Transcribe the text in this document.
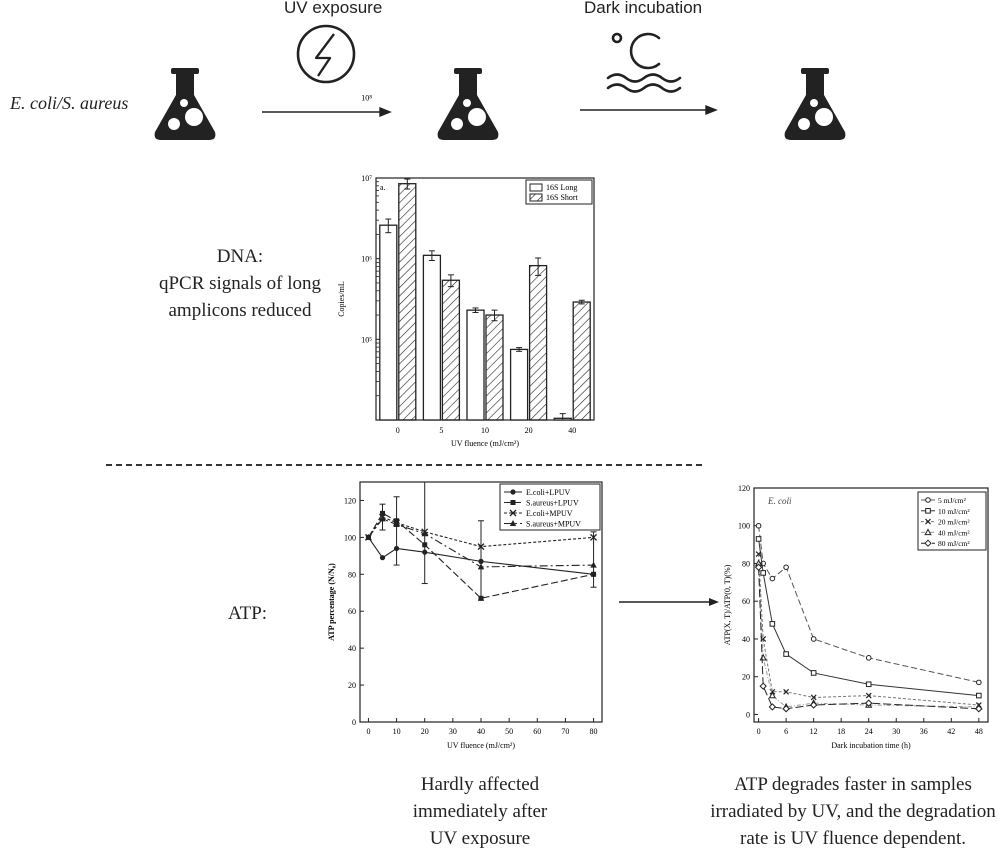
E. coli/S. aureus
UV exposure	Dark incubation
DNA:
qPCR signals of long
amplicons reduced
10⁵
10⁶
10⁷
10⁸
0	5	10	20	40
a.
UV fluence (mJ/cm²)
Copies/mL
16S Long
16S Short
ATP:
0	10	20	30	40	50	60	70	80
0
20
40
60
80
100
120
UV fluence (mJ/cm²)
ATP percentage (N/N₀)
E.coli+LPUV
S.aureus+LPUV
E.coli+MPUV
S.aureus+MPUV
0	6	12 18 24 30 36 42 48
0
20
40
60
80
100
120
E. coli
Dark incubation time (h)
ATP(X, T)/ATP(0, T)(%)
5 mJ/cm²
10 mJ/cm²
20 mJ/cm²
40 mJ/cm²
80 mJ/cm²
Hardly affected
immediately after
UV exposure
ATP degrades faster in samples
irradiated by UV, and the degradation
rate is UV fluence dependent.
